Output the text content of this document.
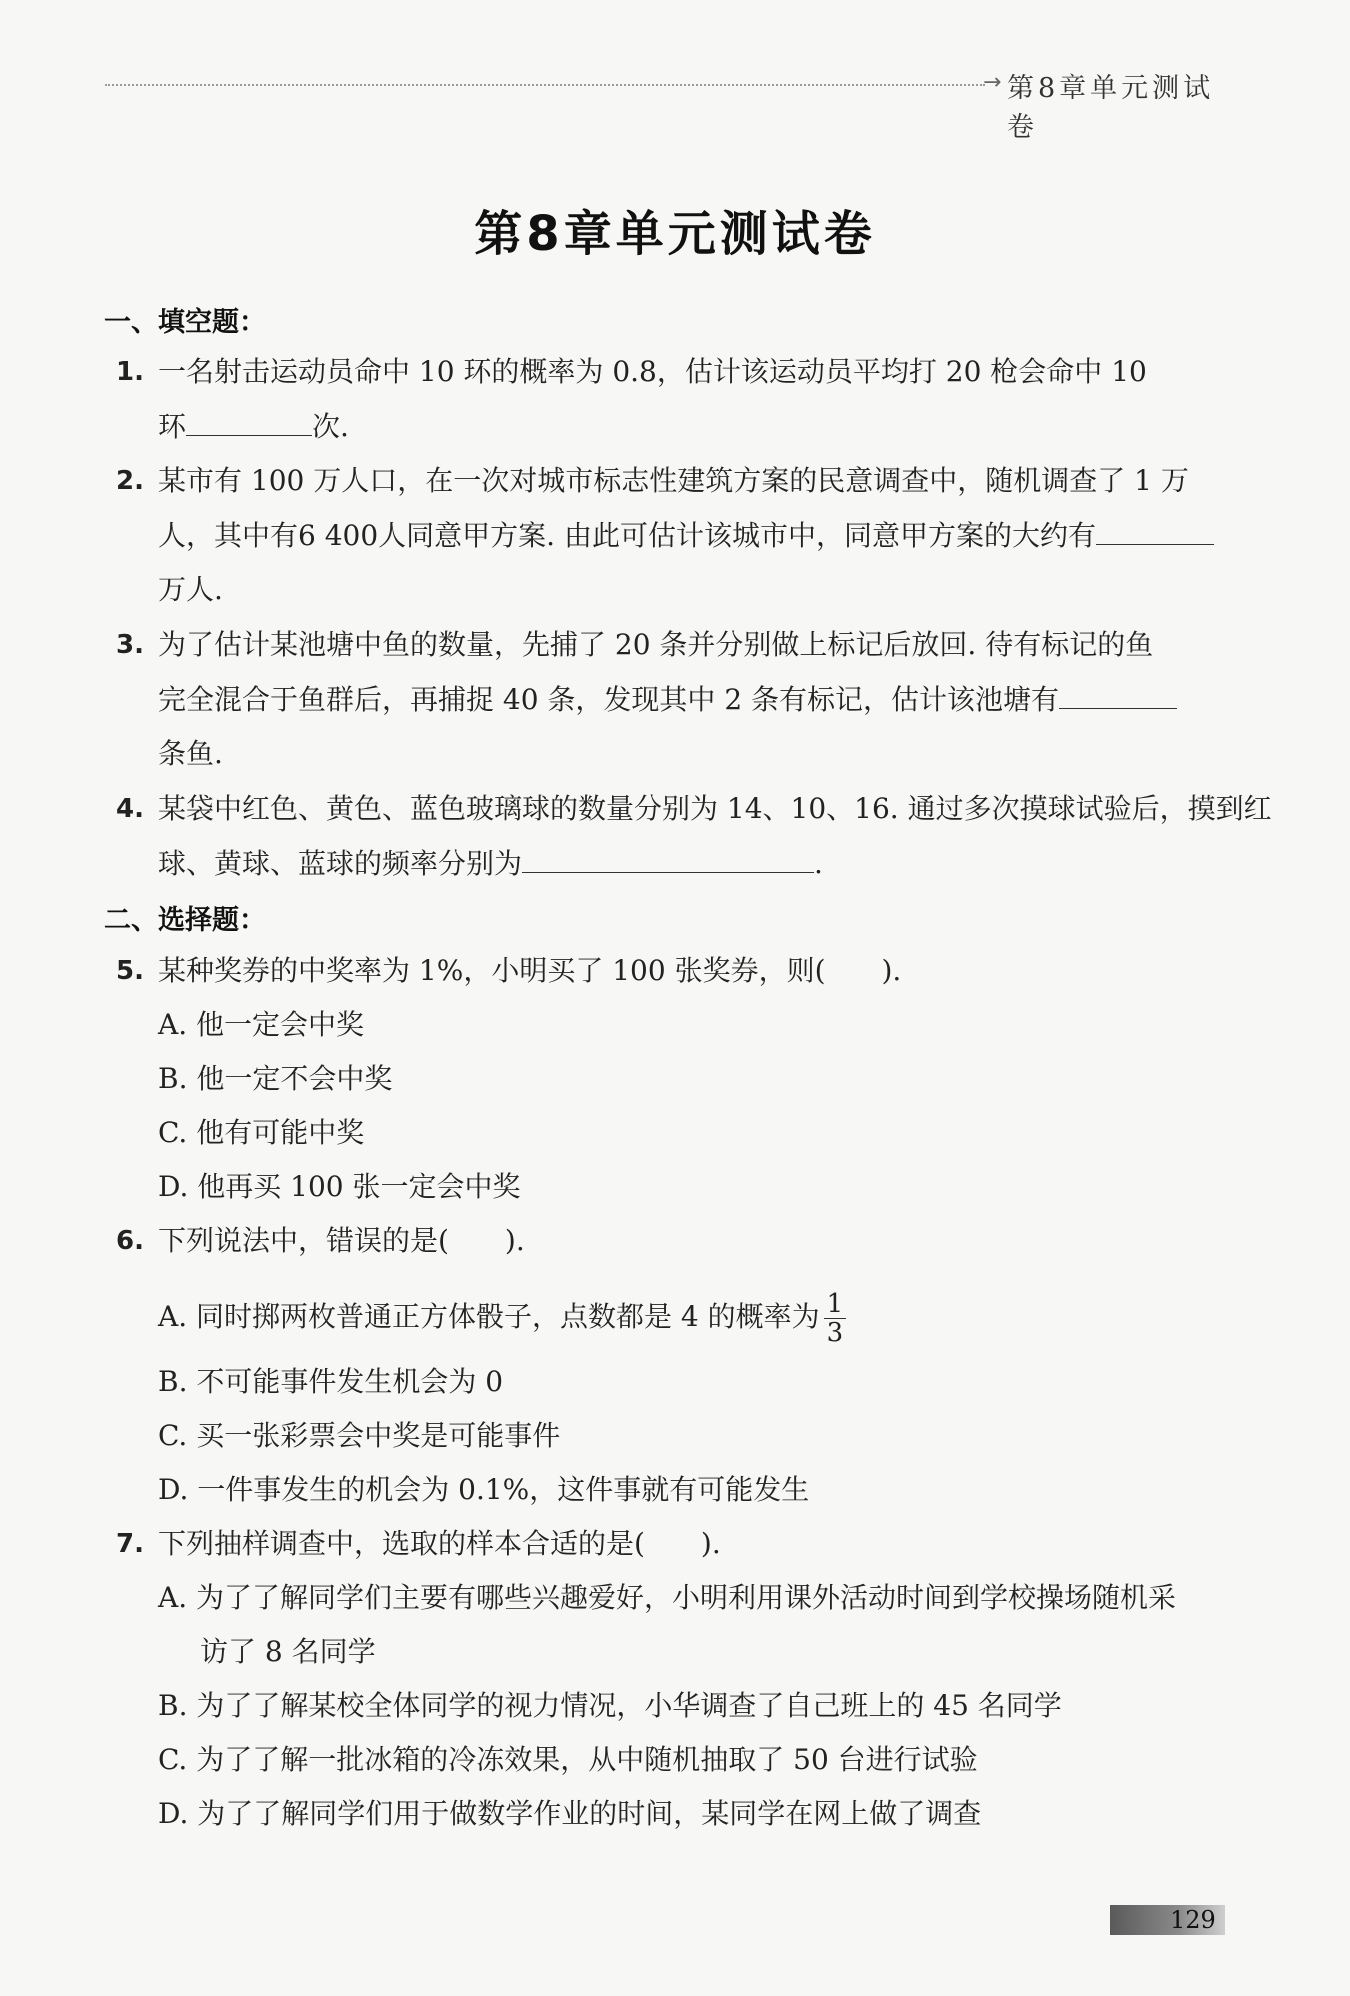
→ 第8章单元测试卷
第8章单元测试卷
一、填空题：
1. 一名射击运动员命中 10 环的概率为 0.8，估计该运动员平均打 20 枪会命中 10
环	次.
2. 某市有 100 万人口，在一次对城市标志性建筑方案的民意调查中，随机调查了 1 万
人，其中有6 400人同意甲方案. 由此可估计该城市中，同意甲方案的大约有
万人.
3. 为了估计某池塘中鱼的数量，先捕了 20 条并分别做上标记后放回. 待有标记的鱼
完全混合于鱼群后，再捕捉 40 条，发现其中 2 条有标记，估计该池塘有
条鱼.
4. 某袋中红色、黄色、蓝色玻璃球的数量分别为 14、10、16. 通过多次摸球试验后，摸到红
球、黄球、蓝球的频率分别为	.
二、选择题：
5. 某种奖券的中奖率为 1%，小明买了 100 张奖券，则(　　).
A. 他一定会中奖
B. 他一定不会中奖
C. 他有可能中奖
D. 他再买 100 张一定会中奖
6. 下列说法中，错误的是(　　).
A. 同时掷两枚普通正方体骰子，点数都是 4 的概率为 $\frac{1}{3}$
B. 不可能事件发生机会为 0
C. 买一张彩票会中奖是可能事件
D. 一件事发生的机会为 0.1%，这件事就有可能发生
7. 下列抽样调查中，选取的样本合适的是(　　).
A. 为了了解同学们主要有哪些兴趣爱好，小明利用课外活动时间到学校操场随机采
访了 8 名同学
B. 为了了解某校全体同学的视力情况，小华调查了自己班上的 45 名同学
C. 为了了解一批冰箱的冷冻效果，从中随机抽取了 50 台进行试验
D. 为了了解同学们用于做数学作业的时间，某同学在网上做了调查
129
